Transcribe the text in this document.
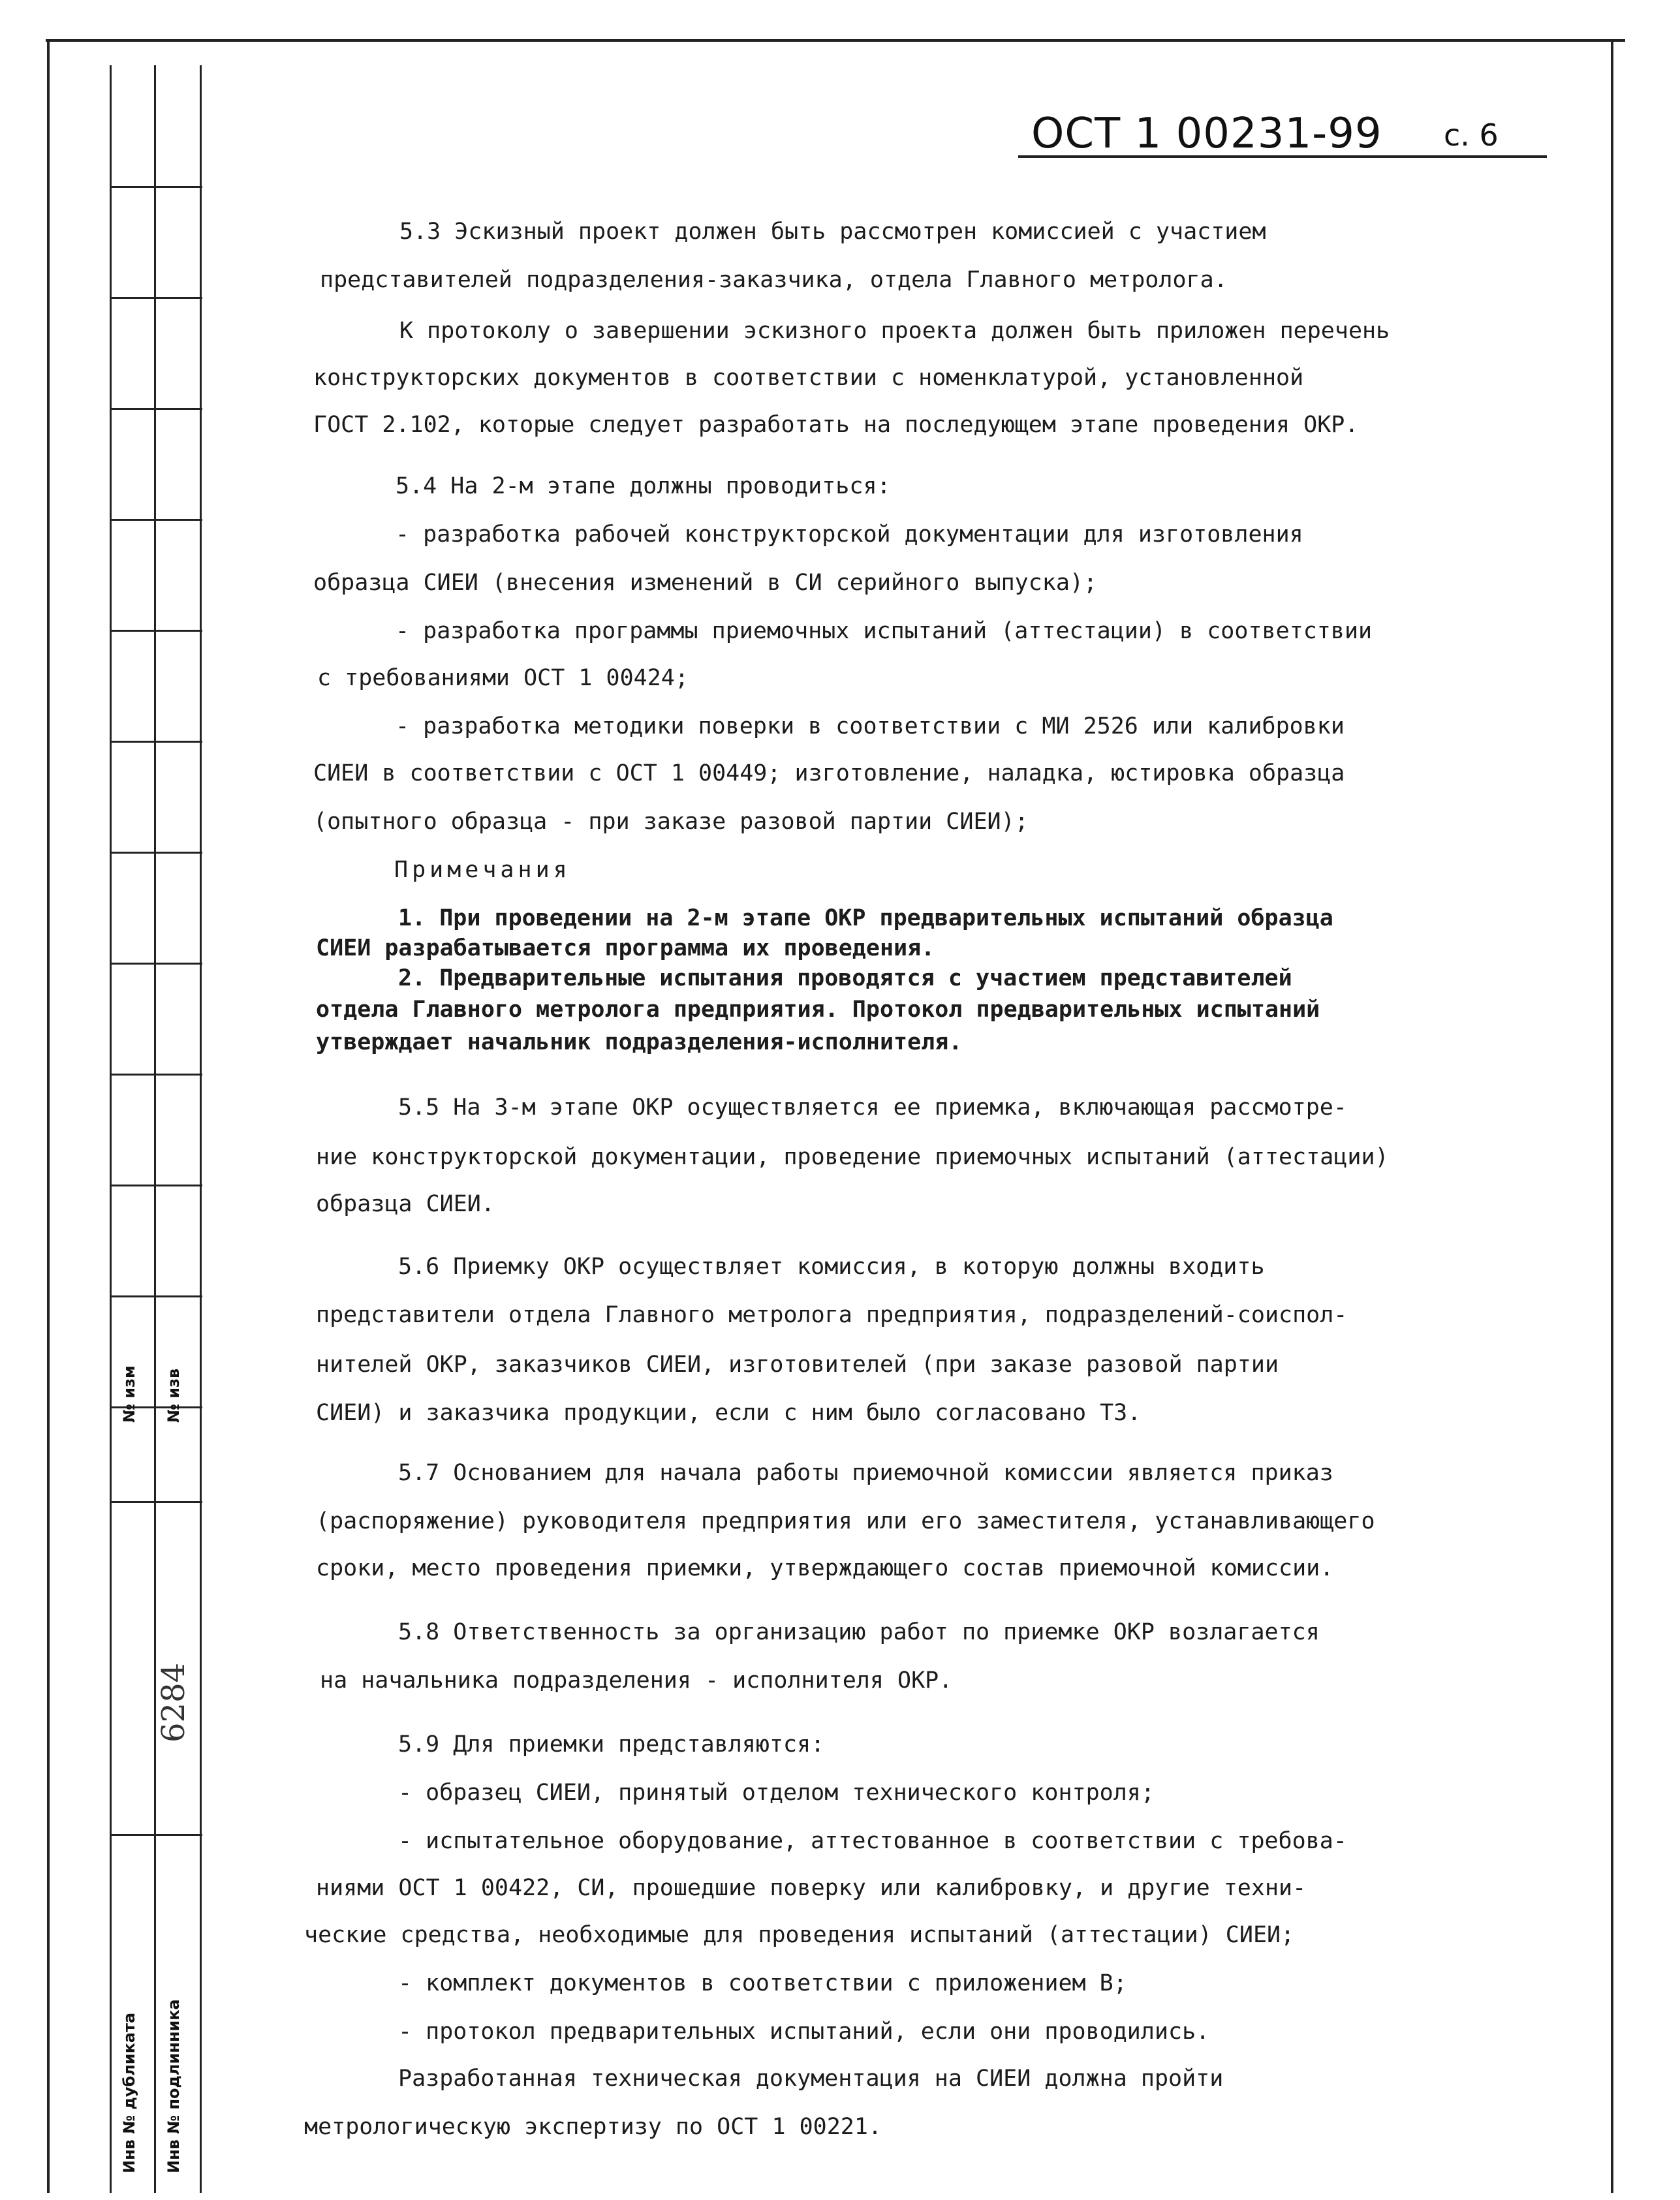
№ изм № изв
6284
Инв № дубликата Инв № подлинника
ОСТ 1 00231-99 с. 6
5.3 Эскизный проект должен быть рассмотрен комиссией с участием
представителей подразделения-заказчика, отдела Главного метролога.
К протоколу о завершении эскизного проекта должен быть приложен перечень
конструкторских документов в соответствии с номенклатурой, установленной
ГОСТ 2.102, которые следует разработать на последующем этапе проведения ОКР.
5.4 На 2-м этапе должны проводиться:
- разработка рабочей конструкторской документации для изготовления
образца СИЕИ (внесения изменений в СИ серийного выпуска);
- разработка программы приемочных испытаний (аттестации) в соответствии
с требованиями ОСТ 1 00424;
- разработка методики поверки в соответствии с МИ 2526 или калибровки
СИЕИ в соответствии с ОСТ 1 00449; изготовление, наладка, юстировка образца
(опытного образца - при заказе разовой партии СИЕИ);
Примечания
1. При проведении на 2-м этапе ОКР предварительных испытаний образца
СИЕИ разрабатывается программа их проведения.
2. Предварительные испытания проводятся с участием представителей
отдела Главного метролога предприятия. Протокол предварительных испытаний
утверждает начальник подразделения-исполнителя.
5.5 На 3-м этапе ОКР осуществляется ее приемка, включающая рассмотре-
ние конструкторской документации, проведение приемочных испытаний (аттестации)
образца СИЕИ.
5.6 Приемку ОКР осуществляет комиссия, в которую должны входить
представители отдела Главного метролога предприятия, подразделений-соиспол-
нителей ОКР, заказчиков СИЕИ, изготовителей (при заказе разовой партии
СИЕИ) и заказчика продукции, если с ним было согласовано ТЗ.
5.7 Основанием для начала работы приемочной комиссии является приказ
(распоряжение) руководителя предприятия или его заместителя, устанавливающего
сроки, место проведения приемки, утверждающего состав приемочной комиссии.
5.8 Ответственность за организацию работ по приемке ОКР возлагается
на начальника подразделения - исполнителя ОКР.
5.9 Для приемки представляются:
- образец СИЕИ, принятый отделом технического контроля;
- испытательное оборудование, аттестованное в соответствии с требова-
ниями ОСТ 1 00422, СИ, прошедшие поверку или калибровку, и другие техни-
ческие средства, необходимые для проведения испытаний (аттестации) СИЕИ;
- комплект документов в соответствии с приложением В;
- протокол предварительных испытаний, если они проводились.
Разработанная техническая документация на СИЕИ должна пройти
метрологическую экспертизу по ОСТ 1 00221.
